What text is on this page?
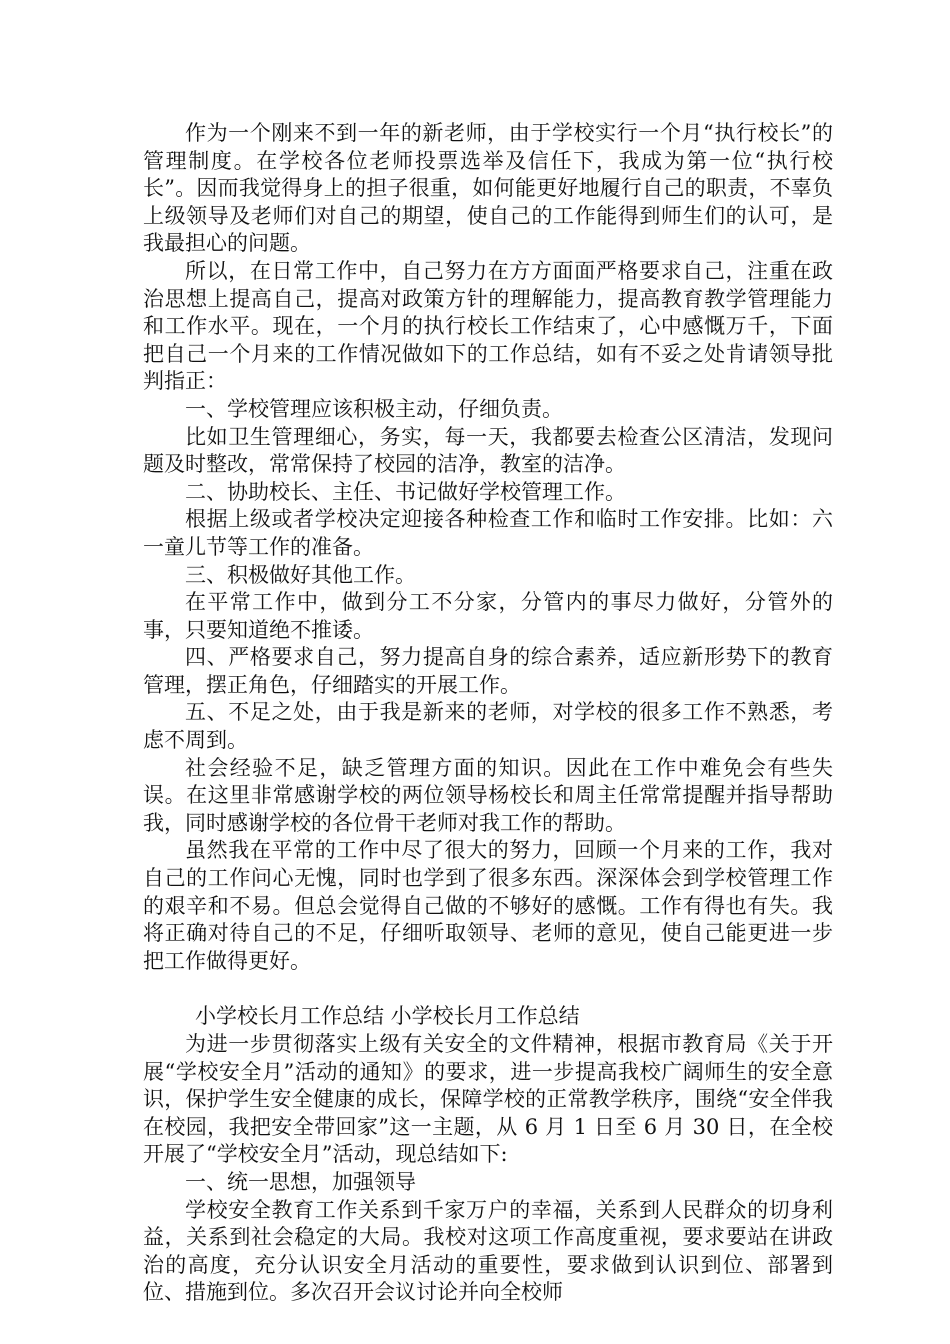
作为一个刚来不到一年的新老师，由于学校实行一个月“执行校长”的管理制度。在学校各位老师投票选举及信任下，我成为第一位“执行校长”。因而我觉得身上的担子很重，如何能更好地履行自己的职责，不辜负上级领导及老师们对自己的期望，使自己的工作能得到师生们的认可，是我最担心的问题。

所以，在日常工作中，自己努力在方方面面严格要求自己，注重在政治思想上提高自己，提高对政策方针的理解能力，提高教育教学管理能力和工作水平。现在，一个月的执行校长工作结束了，心中感慨万千，下面把自己一个月来的工作情况做如下的工作总结，如有不妥之处肯请领导批判指正：

一、学校管理应该积极主动，仔细负责。

比如卫生管理细心，务实，每一天，我都要去检查公区清洁，发现问题及时整改，常常保持了校园的洁净，教室的洁净。

二、协助校长、主任、书记做好学校管理工作。

根据上级或者学校决定迎接各种检查工作和临时工作安排。比如：六一童儿节等工作的准备。

三、积极做好其他工作。

在平常工作中，做到分工不分家，分管内的事尽力做好，分管外的事，只要知道绝不推诿。

四、严格要求自己，努力提高自身的综合素养，适应新形势下的教育管理，摆正角色，仔细踏实的开展工作。

五、不足之处，由于我是新来的老师，对学校的很多工作不熟悉，考虑不周到。

社会经验不足，缺乏管理方面的知识。因此在工作中难免会有些失误。在这里非常感谢学校的两位领导杨校长和周主任常常提醒并指导帮助我，同时感谢学校的各位骨干老师对我工作的帮助。

虽然我在平常的工作中尽了很大的努力，回顾一个月来的工作，我对自己的工作问心无愧，同时也学到了很多东西。深深体会到学校管理工作的艰辛和不易。但总会觉得自己做的不够好的感慨。工作有得也有失。我将正确对待自己的不足，仔细听取领导、老师的意见，使自己能更进一步把工作做得更好。

小学校长月工作总结 小学校长月工作总结

为进一步贯彻落实上级有关安全的文件精神，根据市教育局《关于开展“学校安全月”活动的通知》的要求，进一步提高我校广阔师生的安全意识，保护学生安全健康的成长，保障学校的正常教学秩序，围绕“安全伴我在校园，我把安全带回家”这一主题，从 6 月 1 日至 6 月 30 日，在全校开展了“学校安全月”活动，现总结如下:

一、统一思想，加强领导

学校安全教育工作关系到千家万户的幸福，关系到人民群众的切身利益，关系到社会稳定的大局。我校对这项工作高度重视，要求要站在讲政治的高度，充分认识安全月活动的重要性，要求做到认识到位、部署到位、措施到位。多次召开会议讨论并向全校师
